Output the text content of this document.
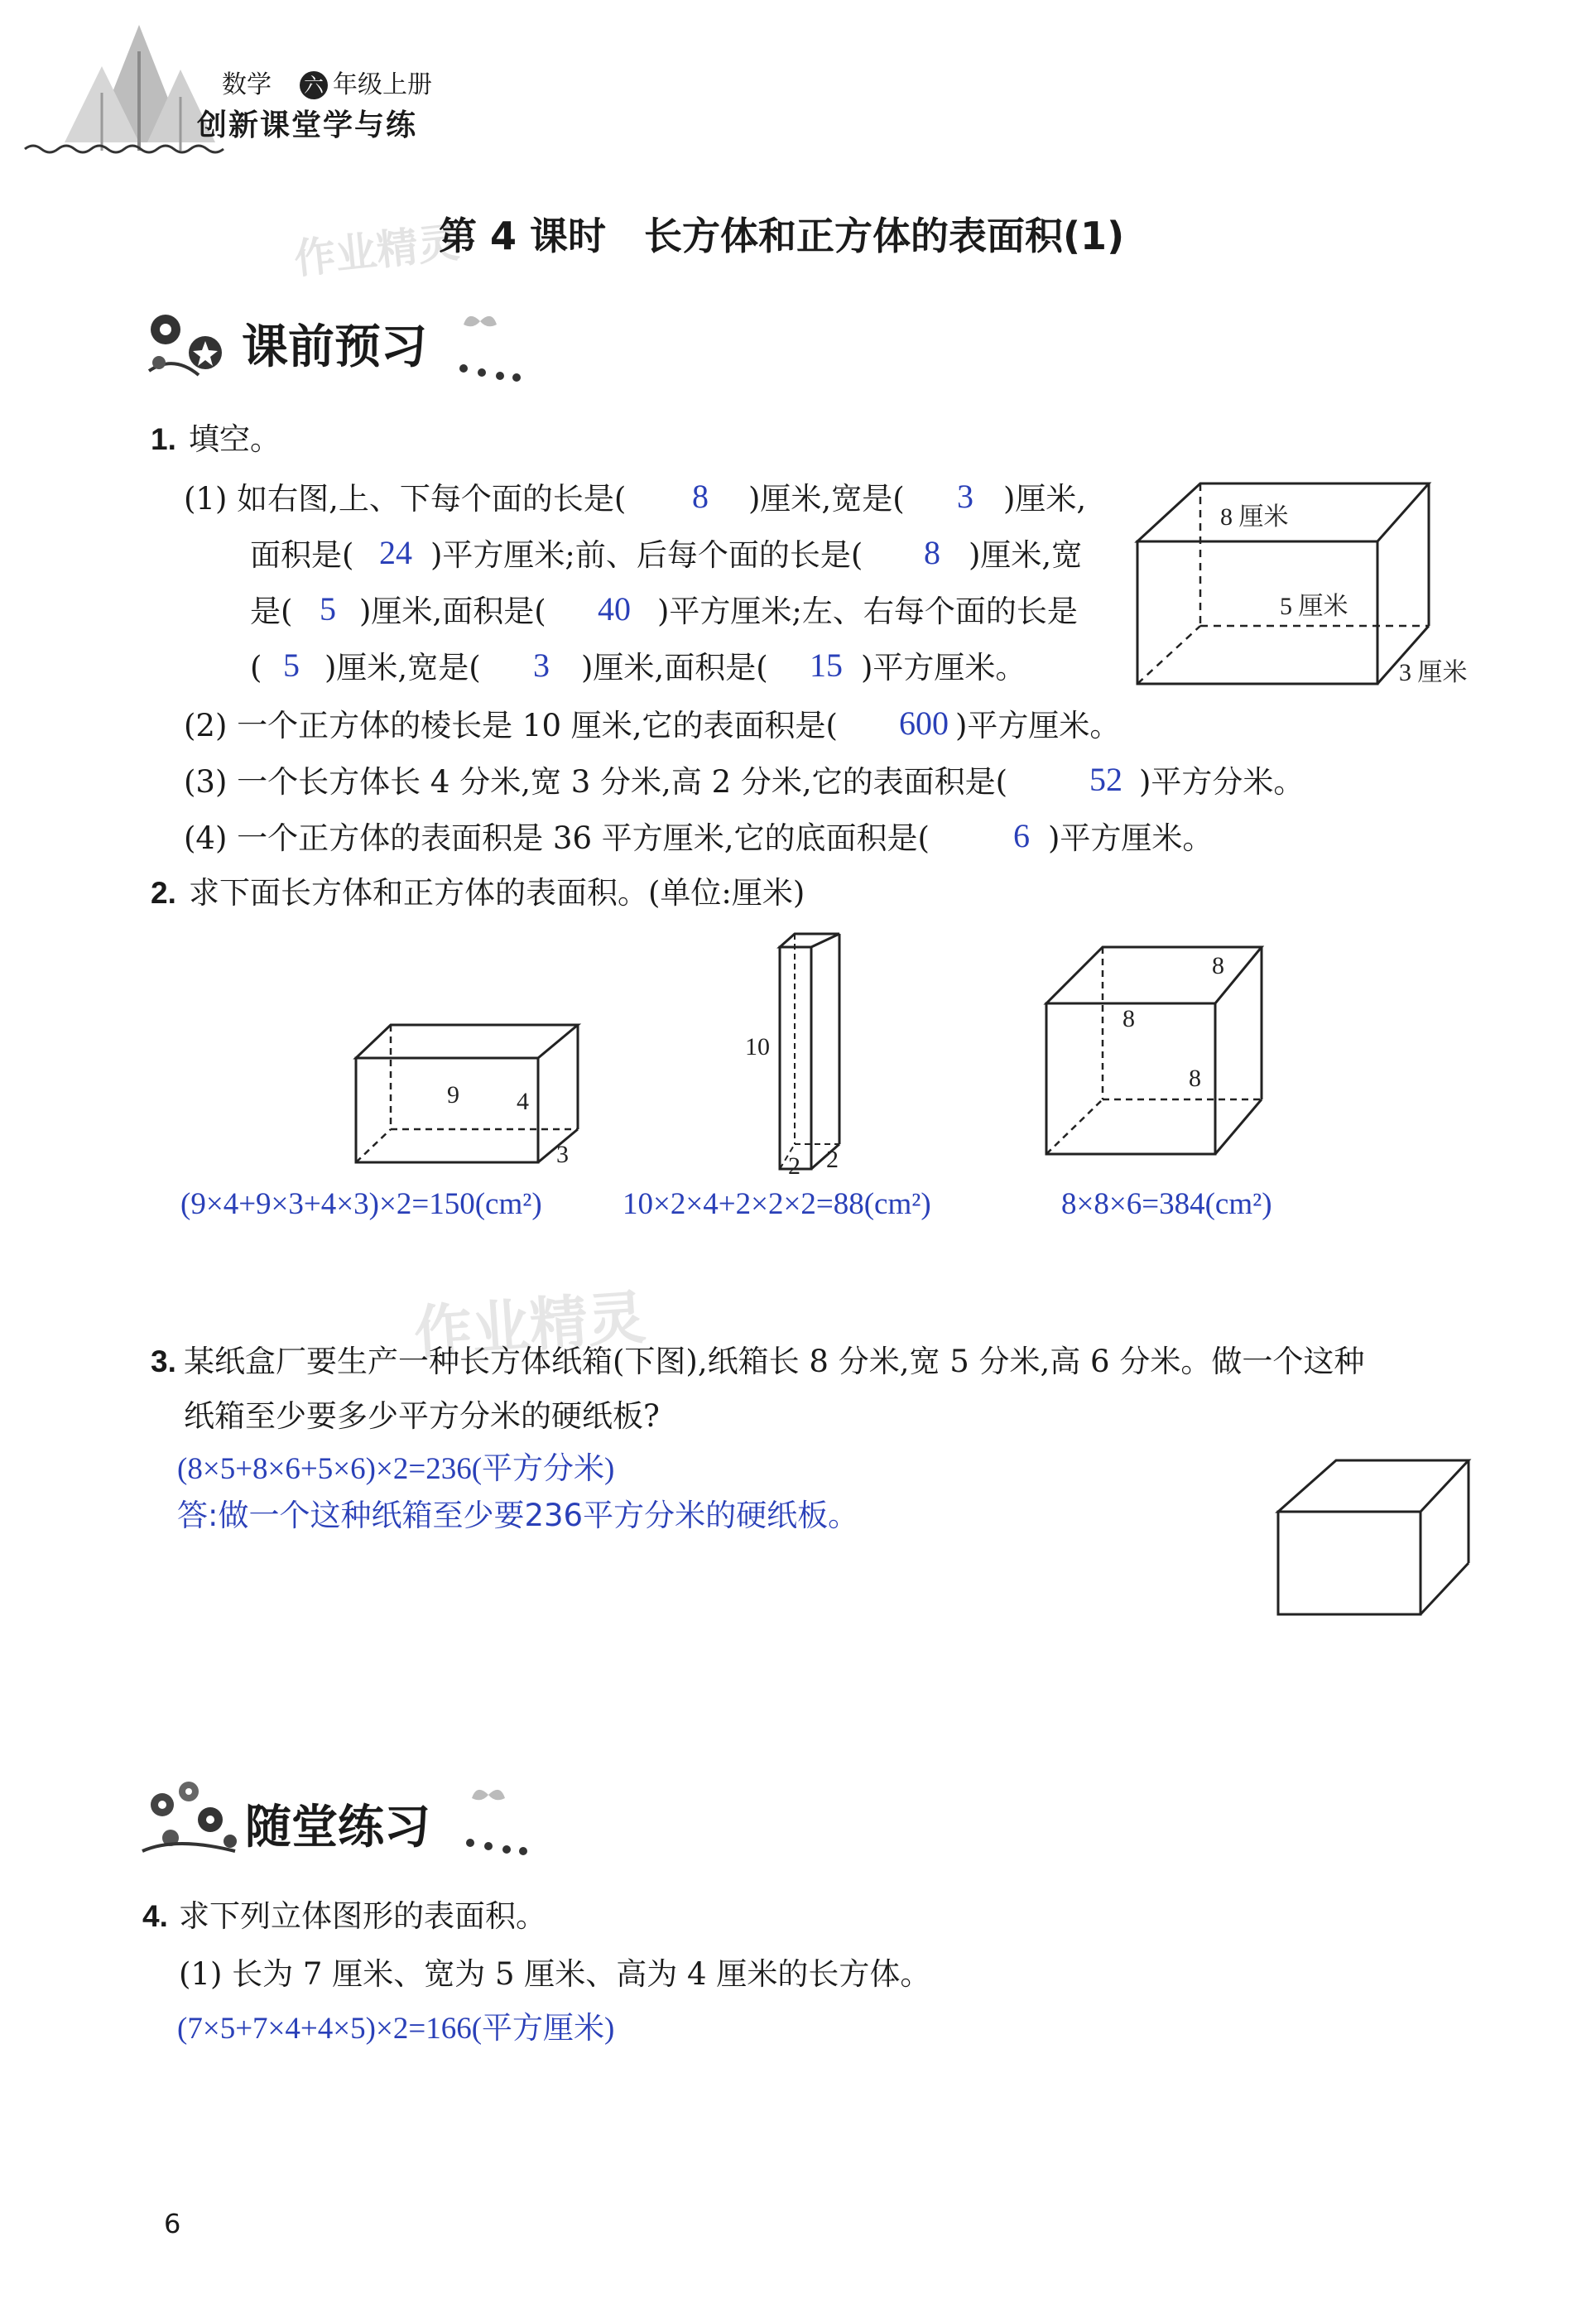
数学 六 年级上册
创新课堂学与练
作业精灵
第 4 课时　长方体和正方体的表面积(1)
课前预习
1. 填空。
(1) 如右图,上、下每个面的长是( 8 )厘米,宽是( 3 )厘米,
面积是( 24 )平方厘米;前、后每个面的长是( 8 )厘米,宽
是( 5 )厘米,面积是( 40 )平方厘米;左、右每个面的长是
( 5 )厘米,宽是( 3 )厘米,面积是( 15 )平方厘米。
8 厘米
5 厘米
3 厘米
(2) 一个正方体的棱长是 10 厘米,它的表面积是( 600 )平方厘米。
(3) 一个长方体长 4 分米,宽 3 分米,高 2 分米,它的表面积是( 52 )平方分米。
(4) 一个正方体的表面积是 36 平方厘米,它的底面积是(	6 )平方厘米。
2. 求下面长方体和正方体的表面积。(单位:厘米)
9 4
3
10
2 2
8
8
8
(9×4+9×3+4×3)×2=150(cm²)	10×2×4+2×2×2=88(cm²)	8×8×6=384(cm²)
作业精灵
3. 某纸盒厂要生产一种长方体纸箱(下图),纸箱长 8 分米,宽 5 分米,高 6 分米。做一个这种
纸箱至少要多少平方分米的硬纸板?
(8×5+8×6+5×6)×2=236(平方分米)
答:做一个这种纸箱至少要236平方分米的硬纸板。
随堂练习
4. 求下列立体图形的表面积。
(1) 长为 7 厘米、宽为 5 厘米、高为 4 厘米的长方体。
(7×5+7×4+4×5)×2=166(平方厘米)
6
